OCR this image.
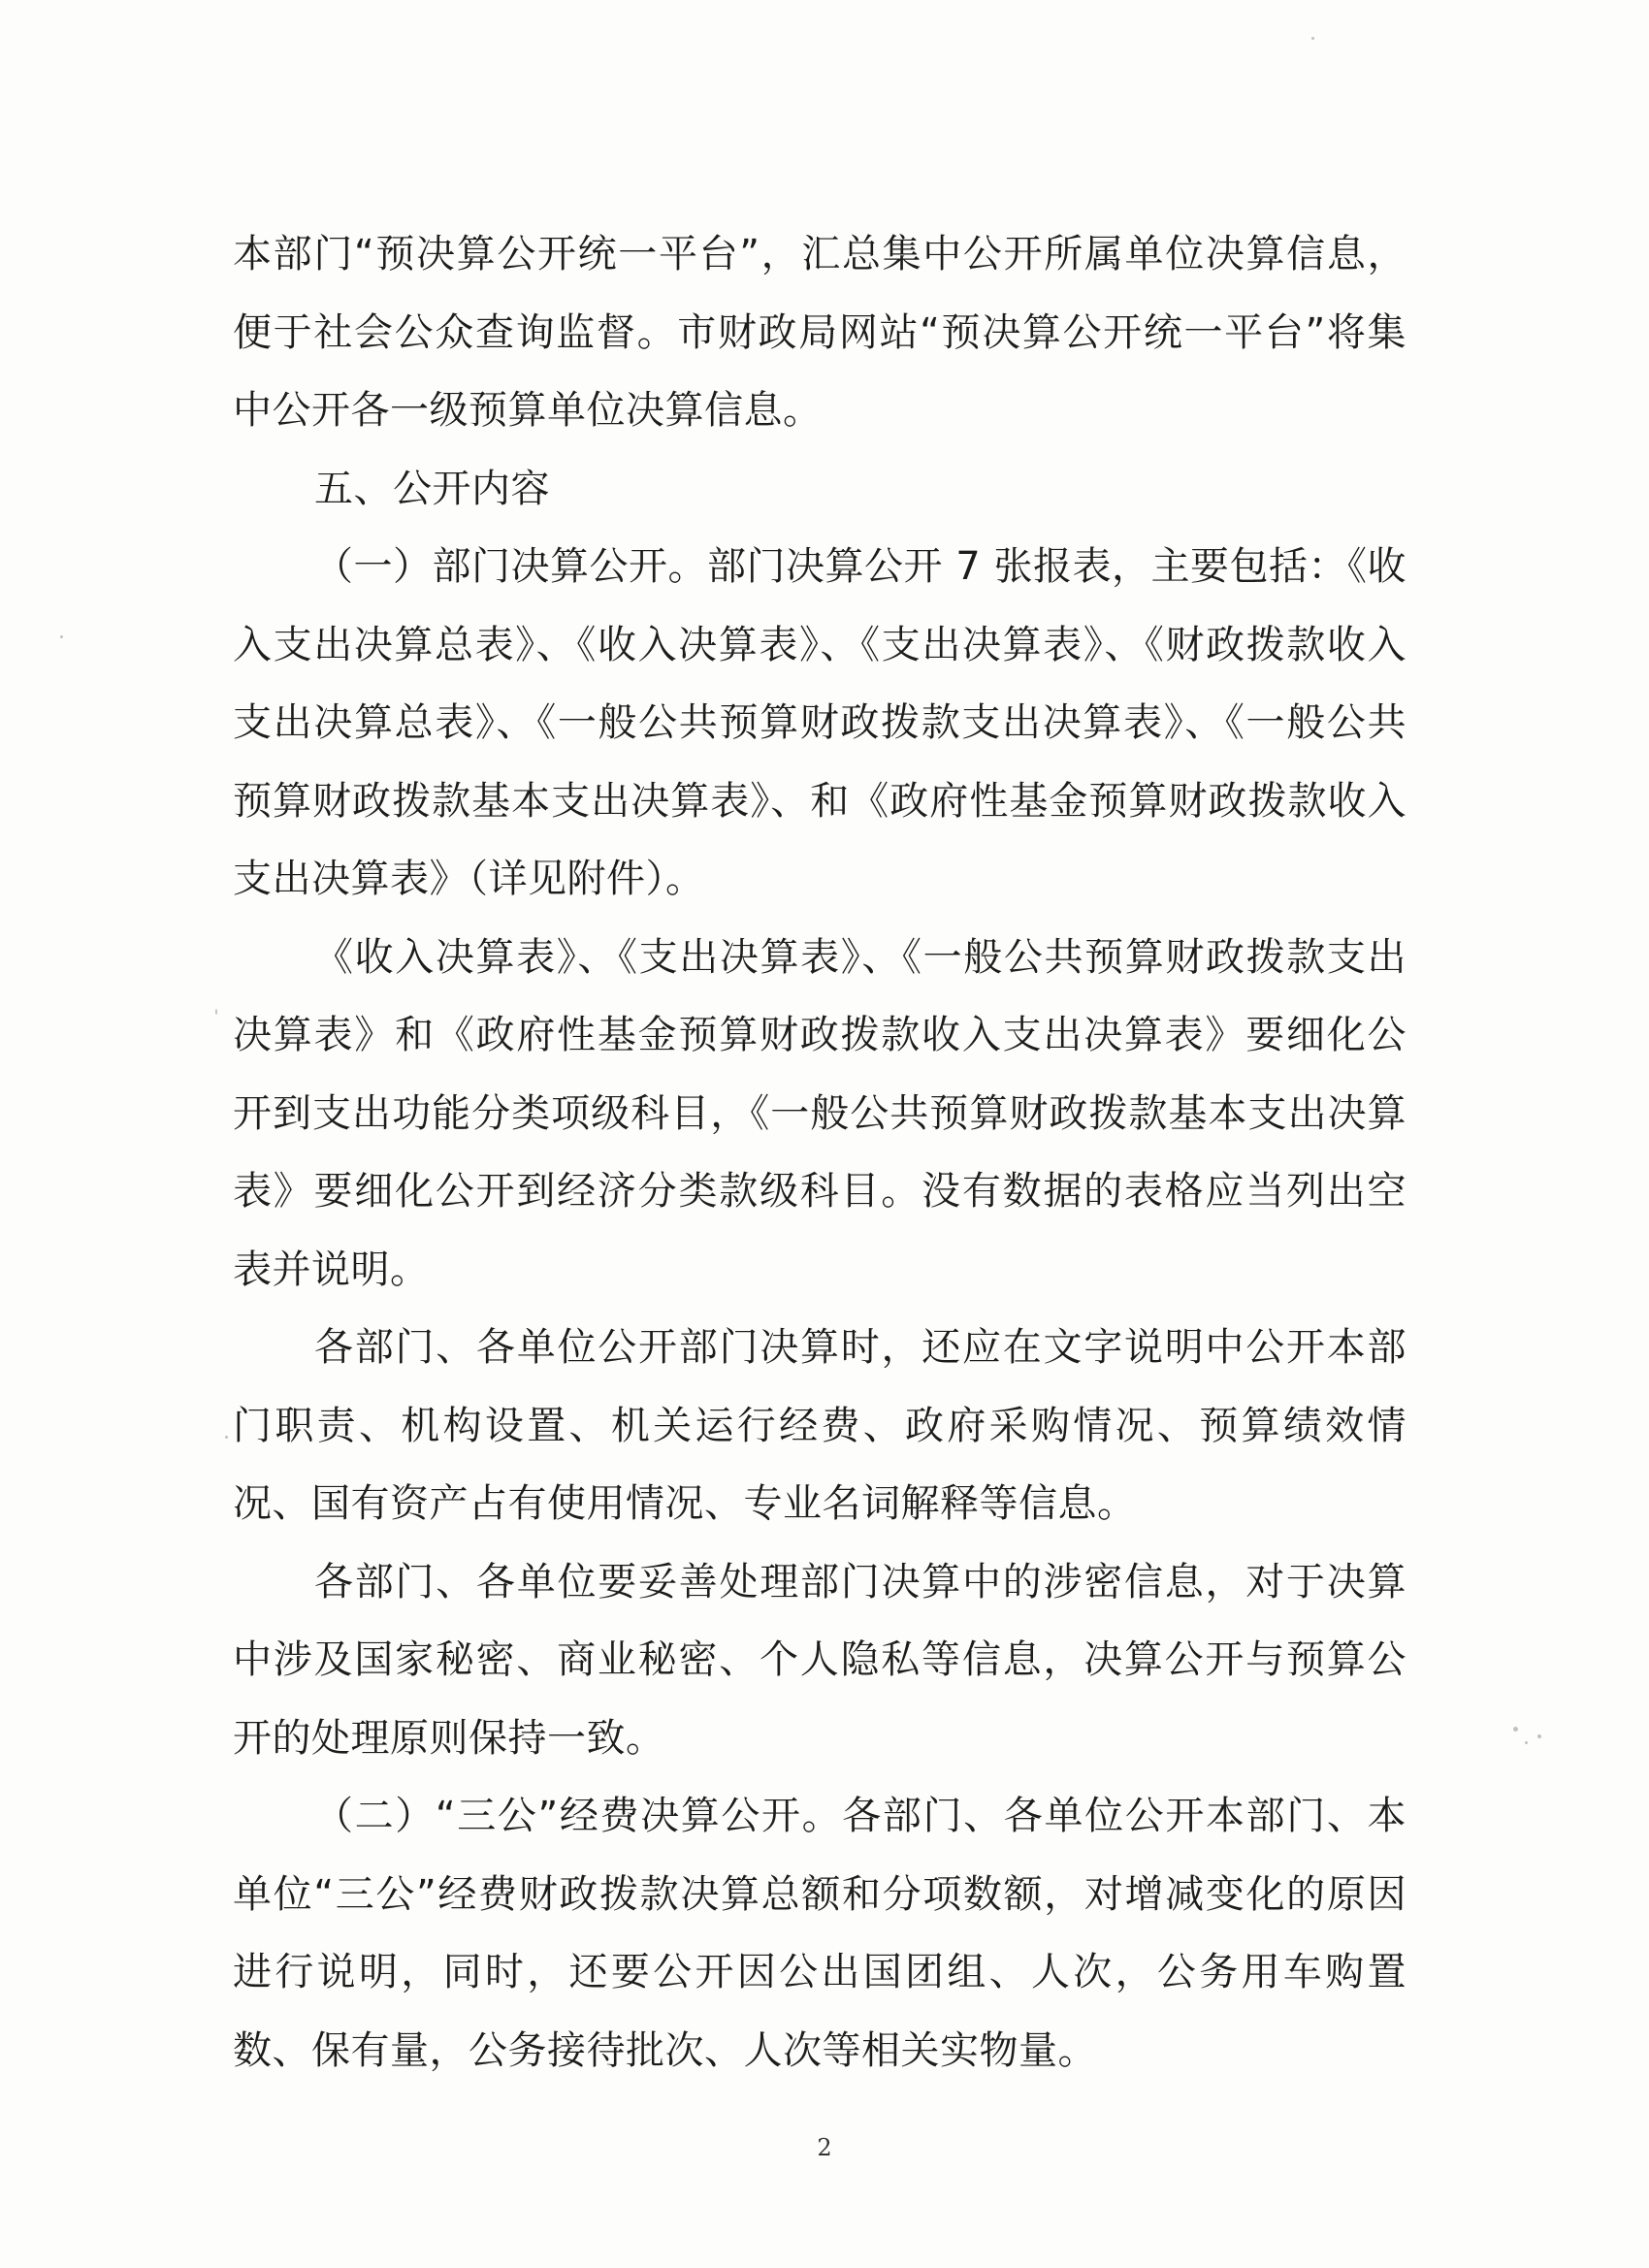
本部门“预决算公开统一平台”，汇总集中公开所属单位决算信息，便于社会公众查询监督。市财政局网站“预决算公开统一平台”将集中公开各一级预算单位决算信息。

五、公开内容

（一）部门决算公开。部门决算公开 7 张报表，主要包括：《收入支出决算总表》、《收入决算表》、《支出决算表》、《财政拨款收入支出决算总表》、《一般公共预算财政拨款支出决算表》、《一般公共预算财政拨款基本支出决算表》、和《政府性基金预算财政拨款收入支出决算表》（详见附件）。

《收入决算表》、《支出决算表》、《一般公共预算财政拨款支出决算表》和《政府性基金预算财政拨款收入支出决算表》要细化公开到支出功能分类项级科目，《一般公共预算财政拨款基本支出决算表》要细化公开到经济分类款级科目。没有数据的表格应当列出空表并说明。

各部门、各单位公开部门决算时，还应在文字说明中公开本部门职责、机构设置、机关运行经费、政府采购情况、预算绩效情况、国有资产占有使用情况、专业名词解释等信息。

各部门、各单位要妥善处理部门决算中的涉密信息，对于决算中涉及国家秘密、商业秘密、个人隐私等信息，决算公开与预算公开的处理原则保持一致。

（二）“三公”经费决算公开。各部门、各单位公开本部门、本单位“三公”经费财政拨款决算总额和分项数额，对增减变化的原因进行说明，同时，还要公开因公出国团组、人次，公务用车购置数、保有量，公务接待批次、人次等相关实物量。

2
